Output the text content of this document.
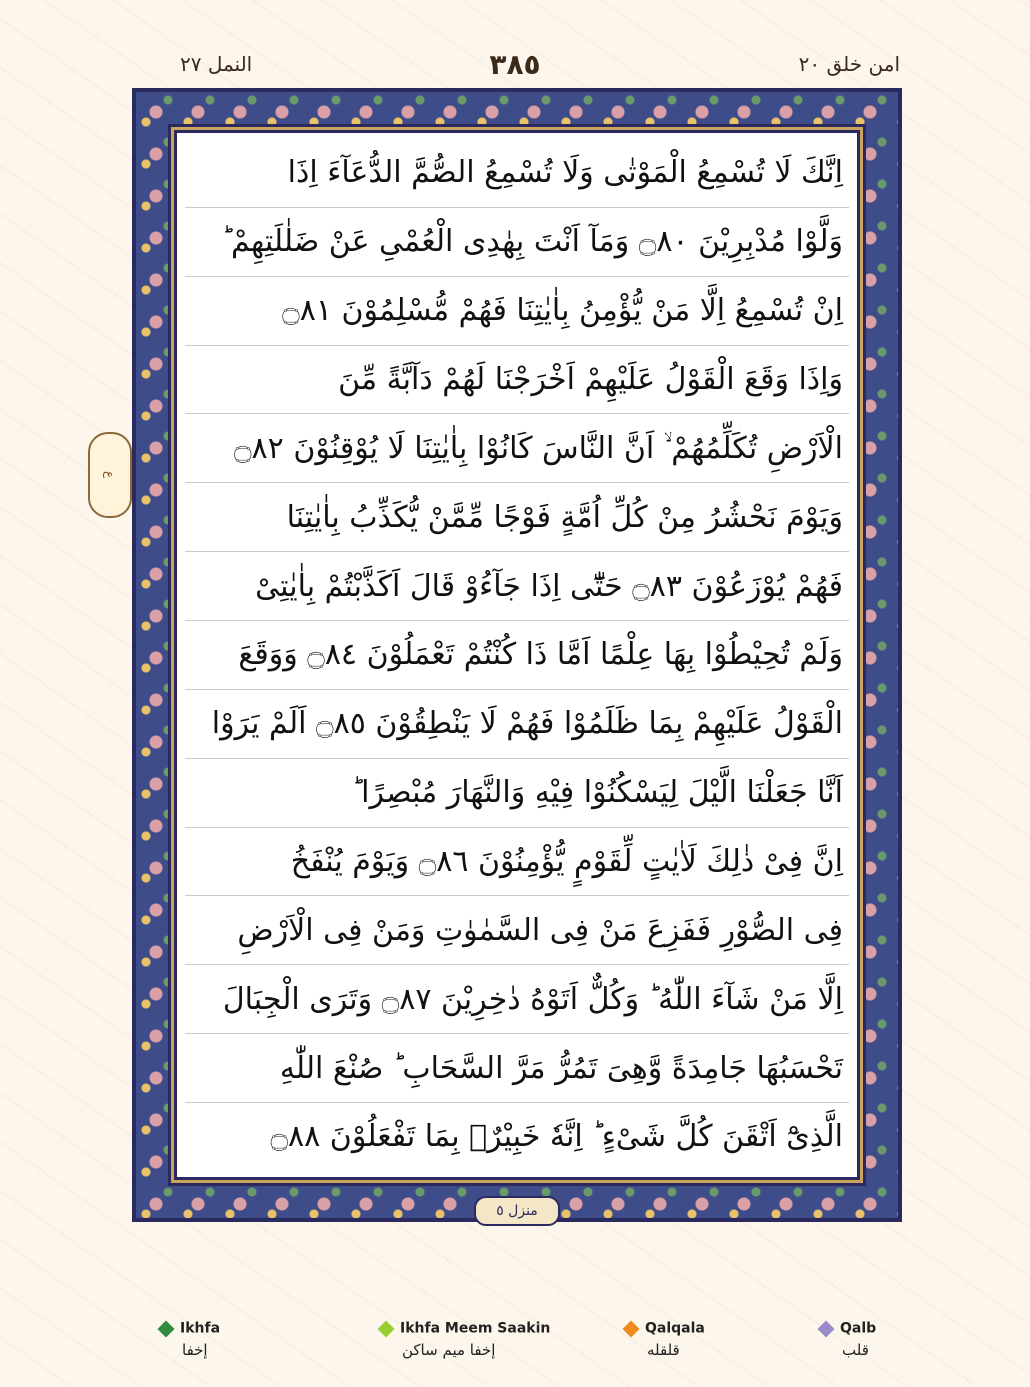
النمل ٢٧	٣٨٥	امن خلق ٢٠
ع
اِنَّكَ لَا تُسْمِعُ الْمَوْتٰى وَلَا تُسْمِعُ الصُّمَّ الدُّعَآءَ اِذَا
وَلَّوْا مُدْبِرِيْنَ ۝٨٠ وَمَآ اَنْتَ بِهٰدِى الْعُمْىِ عَنْ ضَلٰلَتِهِمْ ؕ
اِنْ تُسْمِعُ اِلَّا مَنْ يُّؤْمِنُ بِاٰيٰتِنَا فَهُمْ مُّسْلِمُوْنَ ۝٨١
وَاِذَا وَقَعَ الْقَوْلُ عَلَيْهِمْ اَخْرَجْنَا لَهُمْ دَآبَّةً مِّنَ
الْاَرْضِ تُكَلِّمُهُمْ ۙ اَنَّ النَّاسَ كَانُوْا بِاٰيٰتِنَا لَا يُوْقِنُوْنَ ۝٨٢
وَيَوْمَ نَحْشُرُ مِنْ كُلِّ اُمَّةٍ فَوْجًا مِّمَّنْ يُّكَذِّبُ بِاٰيٰتِنَا
فَهُمْ يُوْزَعُوْنَ ۝٨٣ حَتّٰٓى اِذَا جَآءُوْ قَالَ اَكَذَّبْتُمْ بِاٰيٰتِىْ
وَلَمْ تُحِيْطُوْا بِهَا عِلْمًا اَمَّا ذَا كُنْتُمْ تَعْمَلُوْنَ ۝٨٤ وَوَقَعَ
الْقَوْلُ عَلَيْهِمْ بِمَا ظَلَمُوْا فَهُمْ لَا يَنْطِقُوْنَ ۝٨٥ اَلَمْ يَرَوْا
اَنَّا جَعَلْنَا الَّيْلَ لِيَسْكُنُوْا فِيْهِ وَالنَّهَارَ مُبْصِرًا ؕ
اِنَّ فِىْ ذٰلِكَ لَاٰيٰتٍ لِّقَوْمٍ يُّؤْمِنُوْنَ ۝٨٦ وَيَوْمَ يُنْفَخُ
فِى الصُّوْرِ فَفَزِعَ مَنْ فِى السَّمٰوٰتِ وَمَنْ فِى الْاَرْضِ
اِلَّا مَنْ شَآءَ اللّٰهُ ؕ وَكُلٌّ اَتَوْهُ دٰخِرِيْنَ ۝٨٧ وَتَرَى الْجِبَالَ
تَحْسَبُهَا جَامِدَةً وَّهِىَ تَمُرُّ مَرَّ السَّحَابِ ؕ صُنْعَ اللّٰهِ
الَّذِىْٓ اَتْقَنَ كُلَّ شَىْءٍ ؕ اِنَّهٗ خَبِيْرٌۢ بِمَا تَفْعَلُوْنَ ۝٨٨
منزل ٥
Ikhfa
إخفا
Ikhfa Meem Saakin
إخفا ميم ساكن
Qalqala
قلقله
Qalb
قلب
